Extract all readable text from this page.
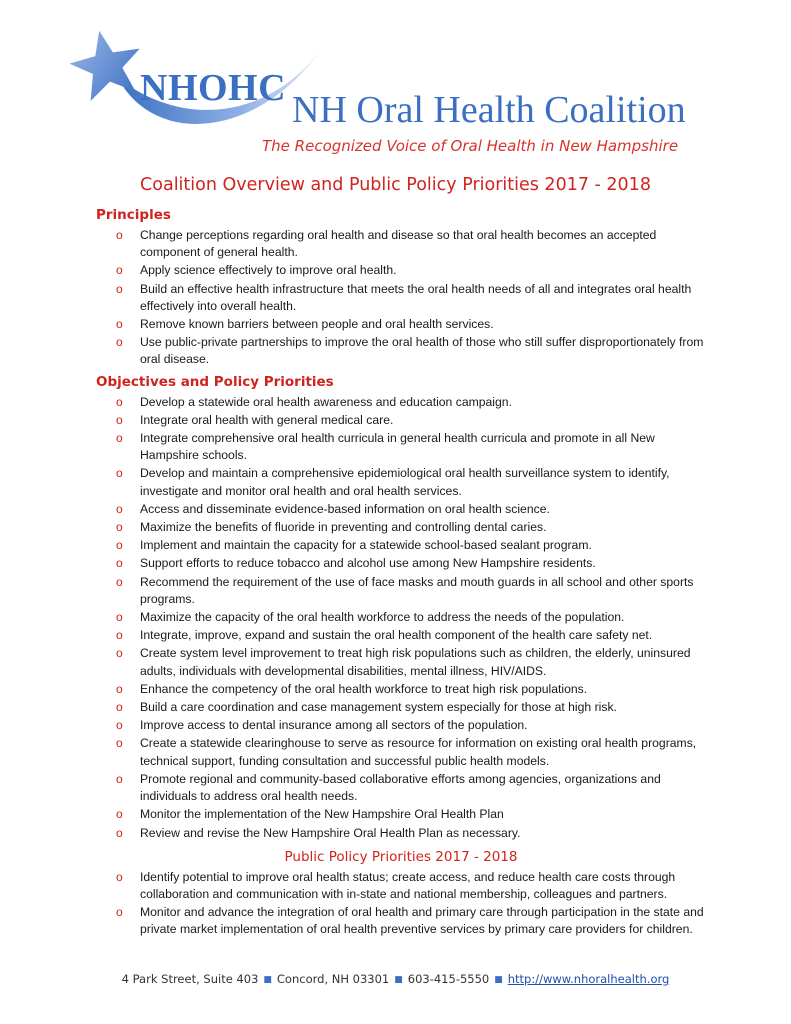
NHOHC
NH Oral Health Coalition
The Recognized Voice of Oral Health in New Hampshire
Coalition Overview and Public Policy Priorities 2017 - 2018
Principles
o Change perceptions regarding oral health and disease so that oral health becomes an accepted component of general health.
o Apply science effectively to improve oral health.
o Build an effective health infrastructure that meets the oral health needs of all and integrates oral health effectively into overall health.
o Remove known barriers between people and oral health services.
o Use public-private partnerships to improve the oral health of those who still suffer disproportionately from oral disease.
Objectives and Policy Priorities
o Develop a statewide oral health awareness and education campaign.
o Integrate oral health with general medical care.
o Integrate comprehensive oral health curricula in general health curricula and promote in all New Hampshire schools.
o Develop and maintain a comprehensive epidemiological oral health surveillance system to identify, investigate and monitor oral health and oral health services.
o Access and disseminate evidence-based information on oral health science.
o Maximize the benefits of fluoride in preventing and controlling dental caries.
o Implement and maintain the capacity for a statewide school-based sealant program.
o Support efforts to reduce tobacco and alcohol use among New Hampshire residents.
o Recommend the requirement of the use of face masks and mouth guards in all school and other sports programs.
o Maximize the capacity of the oral health workforce to address the needs of the population.
o Integrate, improve, expand and sustain the oral health component of the health care safety net.
o Create system level improvement to treat high risk populations such as children, the elderly, uninsured adults, individuals with developmental disabilities, mental illness, HIV/AIDS.
o Enhance the competency of the oral health workforce to treat high risk populations.
o Build a care coordination and case management system especially for those at high risk.
o Improve access to dental insurance among all sectors of the population.
o Create a statewide clearinghouse to serve as resource for information on existing oral health programs, technical support, funding consultation and successful public health models.
o Promote regional and community-based collaborative efforts among agencies, organizations and individuals to address oral health needs.
o Monitor the implementation of the New Hampshire Oral Health Plan
o Review and revise the New Hampshire Oral Health Plan as necessary.
Public Policy Priorities 2017 - 2018
o Identify potential to improve oral health status; create access, and reduce health care costs through collaboration and communication with in-state and national membership, colleagues and partners.
o Monitor and advance the integration of oral health and primary care through participation in the state and private market implementation of oral health preventive services by primary care providers for children.
4 Park Street, Suite 403 ■ Concord, NH 03301 ■ 603-415-5550 ■ http://www.nhoralhealth.org
